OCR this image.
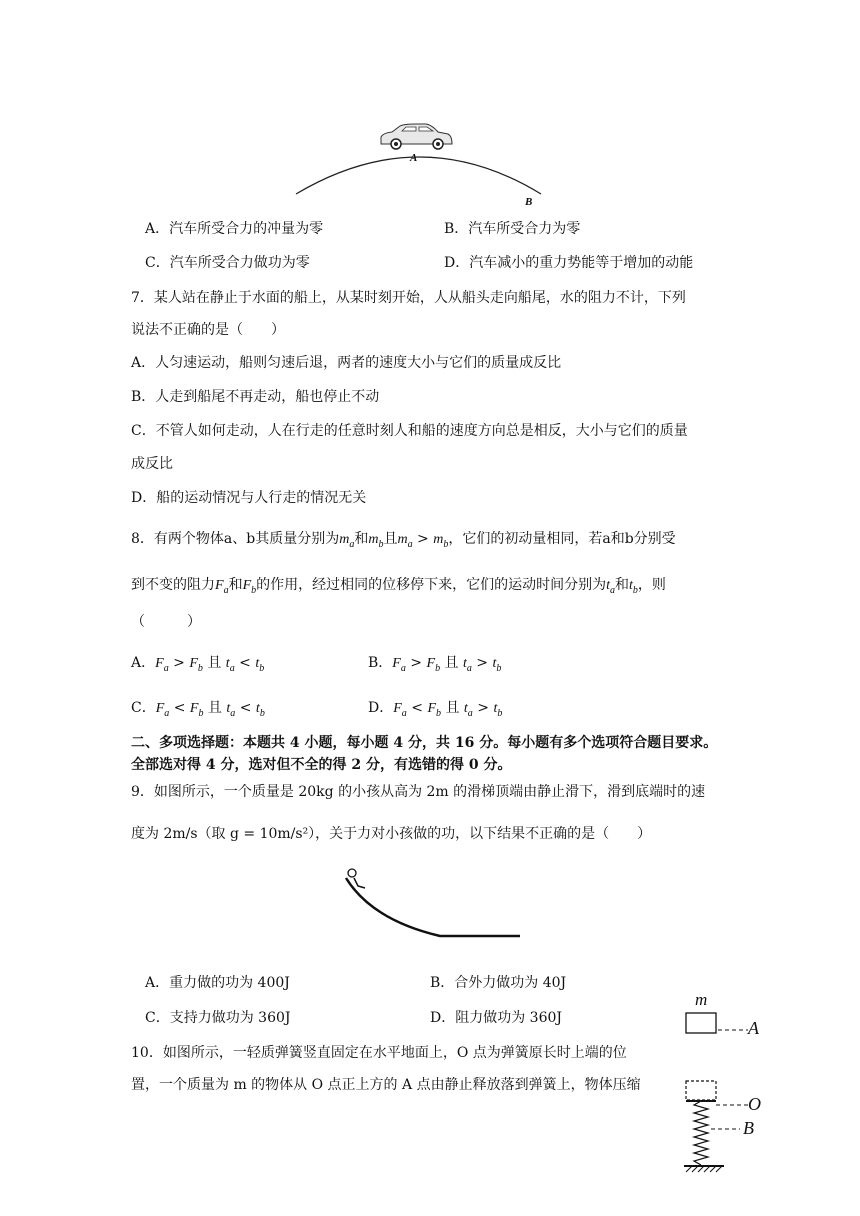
A
B
A．汽车所受合力的冲量为零	B．汽车所受合力为零
C．汽车所受合力做功为零	D．汽车减小的重力势能等于增加的动能
7．某人站在静止于水面的船上，从某时刻开始，人从船头走向船尾，水的阻力不计，下列
说法不正确的是（　　）
A．人匀速运动，船则匀速后退，两者的速度大小与它们的质量成反比
B．人走到船尾不再走动，船也停止不动
C．不管人如何走动，人在行走的任意时刻人和船的速度方向总是相反，大小与它们的质量
成反比
D．船的运动情况与人行走的情况无关
8．有两个物体a、b其质量分别为$m_a$和$m_b$且$m_a > m_b$，它们的初动量相同，若a和b分别受
到不变的阻力$F_a$和$F_b$的作用，经过相同的位移停下来，它们的运动时间分别为$t_a$和$t_b$，则
（　　　）
A．$F_a > F_b$ 且 $t_a < t_b$	B．$F_a > F_b$ 且 $t_a > t_b$
C．$F_a < F_b$ 且 $t_a < t_b$	D．$F_a < F_b$ 且 $t_a > t_b$
二、多项选择题：本题共 4 小题，每小题 4 分，共 16 分。每小题有多个选项符合题目要求。
全部选对得 4 分，选对但不全的得 2 分，有选错的得 0 分。
9．如图所示，一个质量是 20kg 的小孩从高为 2m 的滑梯顶端由静止滑下，滑到底端时的速
度为 2m/s（取 g = 10m/s²），关于力对小孩做的功，以下结果不正确的是（　　）
A．重力做的功为 400J	B．合外力做功为 40J
C．支持力做功为 360J	D．阻力做功为 360J
10．如图所示，一轻质弹簧竖直固定在水平地面上，O 点为弹簧原长时上端的位
置，一个质量为 m 的物体从 O 点正上方的 A 点由静止释放落到弹簧上，物体压缩
m
A
O
B
